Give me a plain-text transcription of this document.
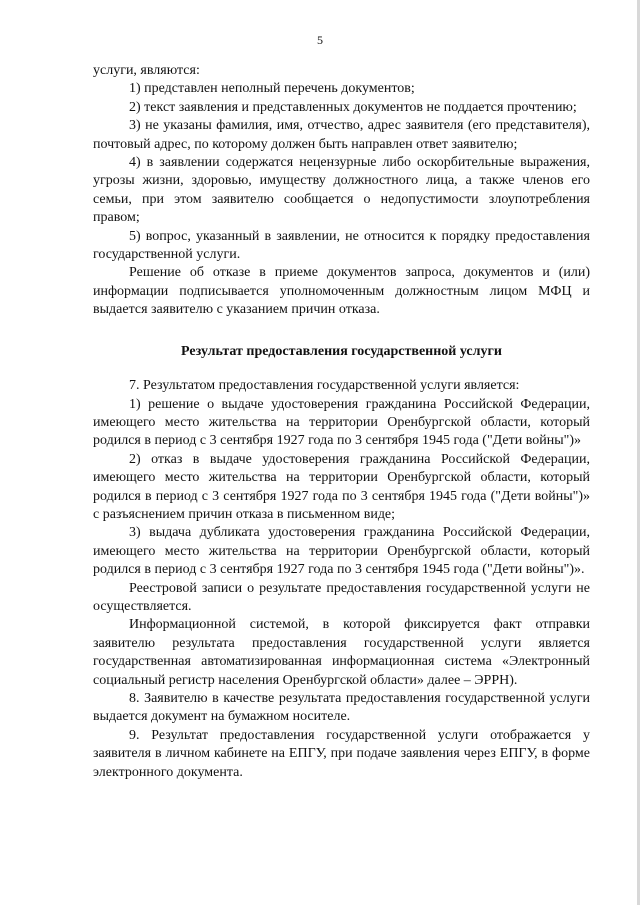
5

услуги, являются:

1) представлен неполный перечень документов;

2) текст заявления и представленных документов не поддается прочтению;

3) не указаны фамилия, имя, отчество, адрес заявителя (его представителя), почтовый адрес, по которому должен быть направлен ответ заявителю;

4) в заявлении содержатся нецензурные либо оскорбительные выражения, угрозы жизни, здоровью, имуществу должностного лица, а также членов его семьи, при этом заявителю сообщается о недопустимости злоупотребления правом;

5) вопрос, указанный в заявлении, не относится к порядку предоставления государственной услуги.

Решение об отказе в приеме документов запроса, документов и (или) информации подписывается уполномоченным должностным лицом МФЦ и выдается заявителю с указанием причин отказа.

Результат предоставления государственной услуги

7. Результатом предоставления государственной услуги является:

1) решение о выдаче удостоверения гражданина Российской Федерации, имеющего место жительства на территории Оренбургской области, который родился в период с 3 сентября 1927 года по 3 сентября 1945 года ("Дети войны")»

2) отказ в выдаче удостоверения гражданина Российской Федерации, имеющего место жительства на территории Оренбургской области, который родился в период с 3 сентября 1927 года по 3 сентября 1945 года ("Дети войны")» с разъяснением причин отказа в письменном виде;

3) выдача дубликата удостоверения гражданина Российской Федерации, имеющего место жительства на территории Оренбургской области, который родился в период с 3 сентября 1927 года по 3 сентября 1945 года ("Дети войны")».

Реестровой записи о результате предоставления государственной услуги не осуществляется.

Информационной системой, в которой фиксируется факт отправки заявителю результата предоставления государственной услуги является государственная автоматизированная информационная система «Электронный социальный регистр населения Оренбургской области» далее – ЭРРН).

8. Заявителю в качестве результата предоставления государственной услуги выдается документ на бумажном носителе.

9. Результат предоставления государственной услуги отображается у заявителя в личном кабинете на ЕПГУ, при подаче заявления через ЕПГУ, в форме электронного документа.
